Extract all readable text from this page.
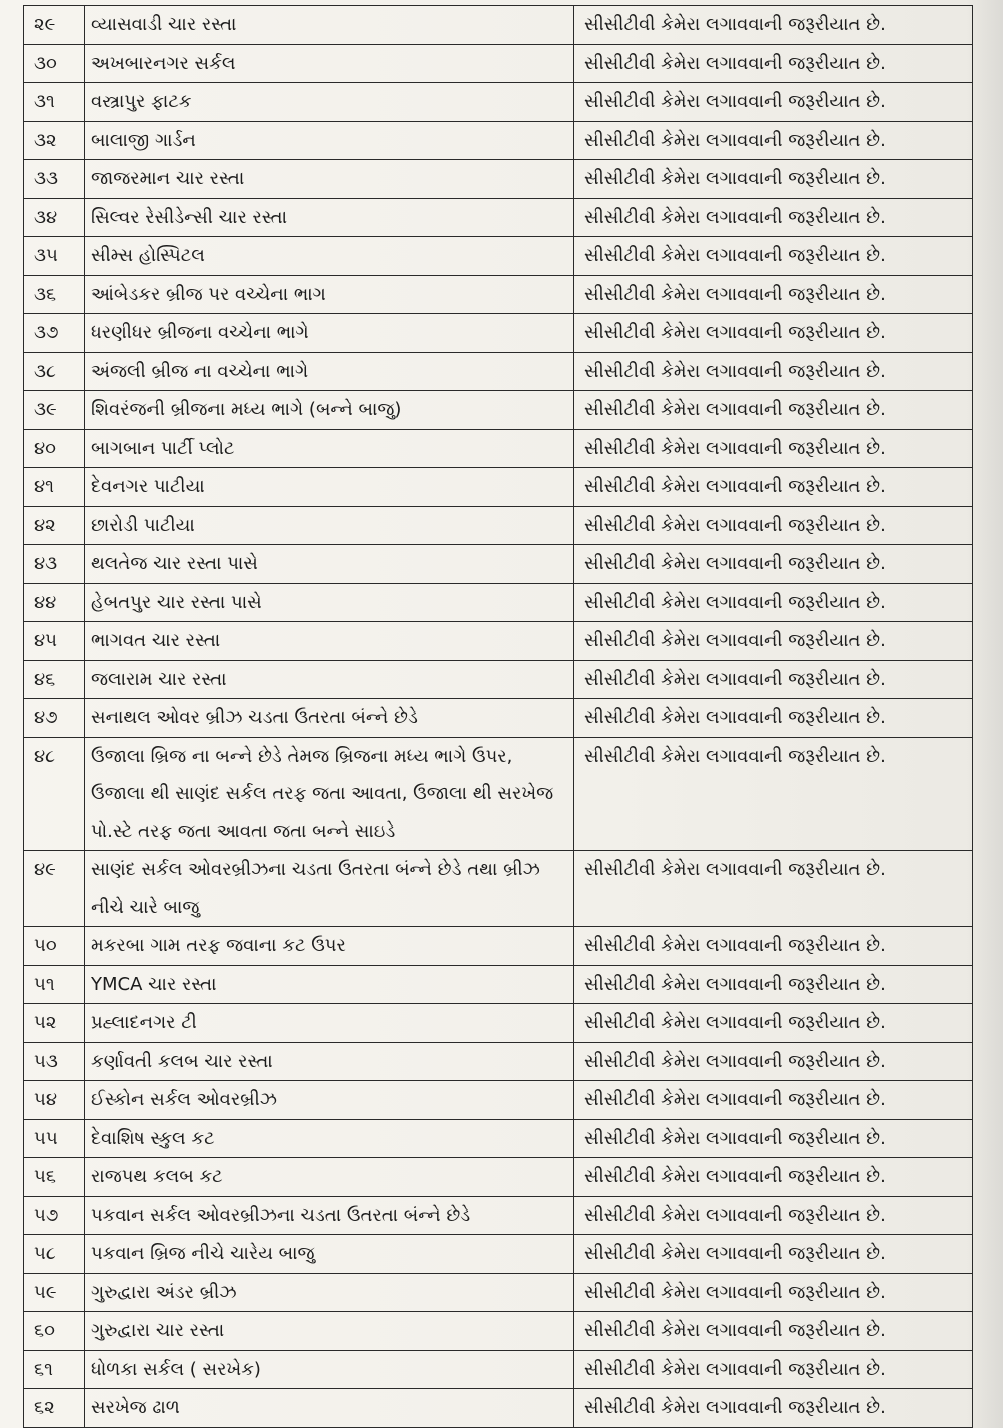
૨૯	વ્યાસવાડી ચાર રસ્તા	સીસીટીવી કેમેરા લગાવવાની જરૂરીયાત છે.
૩૦	અખબારનગર સર્કલ	સીસીટીવી કેમેરા લગાવવાની જરૂરીયાત છે.
૩૧	વસ્ત્રાપુર ફાટક	સીસીટીવી કેમેરા લગાવવાની જરૂરીયાત છે.
૩૨	બાલાજી ગાર્ડન	સીસીટીવી કેમેરા લગાવવાની જરૂરીયાત છે.
૩૩	જાજરમાન ચાર રસ્તા	સીસીટીવી કેમેરા લગાવવાની જરૂરીયાત છે.
૩૪	સિલ્વર રેસીડેન્સી ચાર રસ્તા	સીસીટીવી કેમેરા લગાવવાની જરૂરીયાત છે.
૩૫	સીમ્સ હોસ્પિટલ	સીસીટીવી કેમેરા લગાવવાની જરૂરીયાત છે.
૩૬	આંબેડકર બ્રીજ પર વચ્ચેના ભાગ	સીસીટીવી કેમેરા લગાવવાની જરૂરીયાત છે.
૩૭	ધરણીધર બ્રીજના વચ્ચેના ભાગે	સીસીટીવી કેમેરા લગાવવાની જરૂરીયાત છે.
૩૮	અંજલી બ્રીજ ના વચ્ચેના ભાગે	સીસીટીવી કેમેરા લગાવવાની જરૂરીયાત છે.
૩૯	શિવરંજની બ્રીજના મધ્ય ભાગે (બન્ને બાજુ)	સીસીટીવી કેમેરા લગાવવાની જરૂરીયાત છે.
૪૦	બાગબાન પાર્ટી પ્લોટ	સીસીટીવી કેમેરા લગાવવાની જરૂરીયાત છે.
૪૧	દેવનગર પાટીયા	સીસીટીવી કેમેરા લગાવવાની જરૂરીયાત છે.
૪૨	છારોડી પાટીયા	સીસીટીવી કેમેરા લગાવવાની જરૂરીયાત છે.
૪૩	થલતેજ ચાર રસ્તા પાસે	સીસીટીવી કેમેરા લગાવવાની જરૂરીયાત છે.
૪૪	હેબતપુર ચાર રસ્તા પાસે	સીસીટીવી કેમેરા લગાવવાની જરૂરીયાત છે.
૪૫	ભાગવત ચાર રસ્તા	સીસીટીવી કેમેરા લગાવવાની જરૂરીયાત છે.
૪૬	જલારામ ચાર રસ્તા	સીસીટીવી કેમેરા લગાવવાની જરૂરીયાત છે.
૪૭	સનાથલ ઓવર બ્રીઝ ચડતા ઉતરતા બંન્ને છેડે	સીસીટીવી કેમેરા લગાવવાની જરૂરીયાત છે.
૪૮	ઉજાલા બ્રિજ ના બન્ને છેડે તેમજ બ્રિજના મધ્ય ભાગે ઉપર, ઉજાલા થી સાણંદ સર્કલ તરફ જતા આવતા, ઉજાલા થી સરખેજ પો.સ્ટે તરફ જતા આવતા જતા બન્ને સાઇડે	સીસીટીવી કેમેરા લગાવવાની જરૂરીયાત છે.
૪૯	સાણંદ સર્કલ ઓવરબ્રીઝના ચડતા ઉતરતા બંન્ને છેડે તથા બ્રીઝ નીચે ચારે બાજુ	સીસીટીવી કેમેરા લગાવવાની જરૂરીયાત છે.
૫૦	મકરબા ગામ તરફ જવાના કટ ઉપર	સીસીટીવી કેમેરા લગાવવાની જરૂરીયાત છે.
૫૧	YMCA ચાર રસ્તા	સીસીટીવી કેમેરા લગાવવાની જરૂરીયાત છે.
૫૨	પ્રહ્લાદનગર ટી	સીસીટીવી કેમેરા લગાવવાની જરૂરીયાત છે.
૫૩	કર્ણાવતી કલબ ચાર રસ્તા	સીસીટીવી કેમેરા લગાવવાની જરૂરીયાત છે.
૫૪	ઈસ્કોન સર્કલ ઓવરબ્રીઝ	સીસીટીવી કેમેરા લગાવવાની જરૂરીયાત છે.
૫૫	દેવાશિષ સ્કુલ કટ	સીસીટીવી કેમેરા લગાવવાની જરૂરીયાત છે.
૫૬	રાજપથ કલબ કટ	સીસીટીવી કેમેરા લગાવવાની જરૂરીયાત છે.
૫૭	પકવાન સર્કલ ઓવરબ્રીઝના ચડતા ઉતરતા બંન્ને છેડે	સીસીટીવી કેમેરા લગાવવાની જરૂરીયાત છે.
૫૮	પકવાન બ્રિજ નીચે ચારેય બાજુ	સીસીટીવી કેમેરા લગાવવાની જરૂરીયાત છે.
૫૯	ગુરુદ્વારા અંડર બ્રીઝ	સીસીટીવી કેમેરા લગાવવાની જરૂરીયાત છે.
૬૦	ગુરુદ્વારા ચાર રસ્તા	સીસીટીવી કેમેરા લગાવવાની જરૂરીયાત છે.
૬૧	ધોળકા સર્કલ ( સરખેક)	સીસીટીવી કેમેરા લગાવવાની જરૂરીયાત છે.
૬૨	સરખેજ ઢાળ	સીસીટીવી કેમેરા લગાવવાની જરૂરીયાત છે.
